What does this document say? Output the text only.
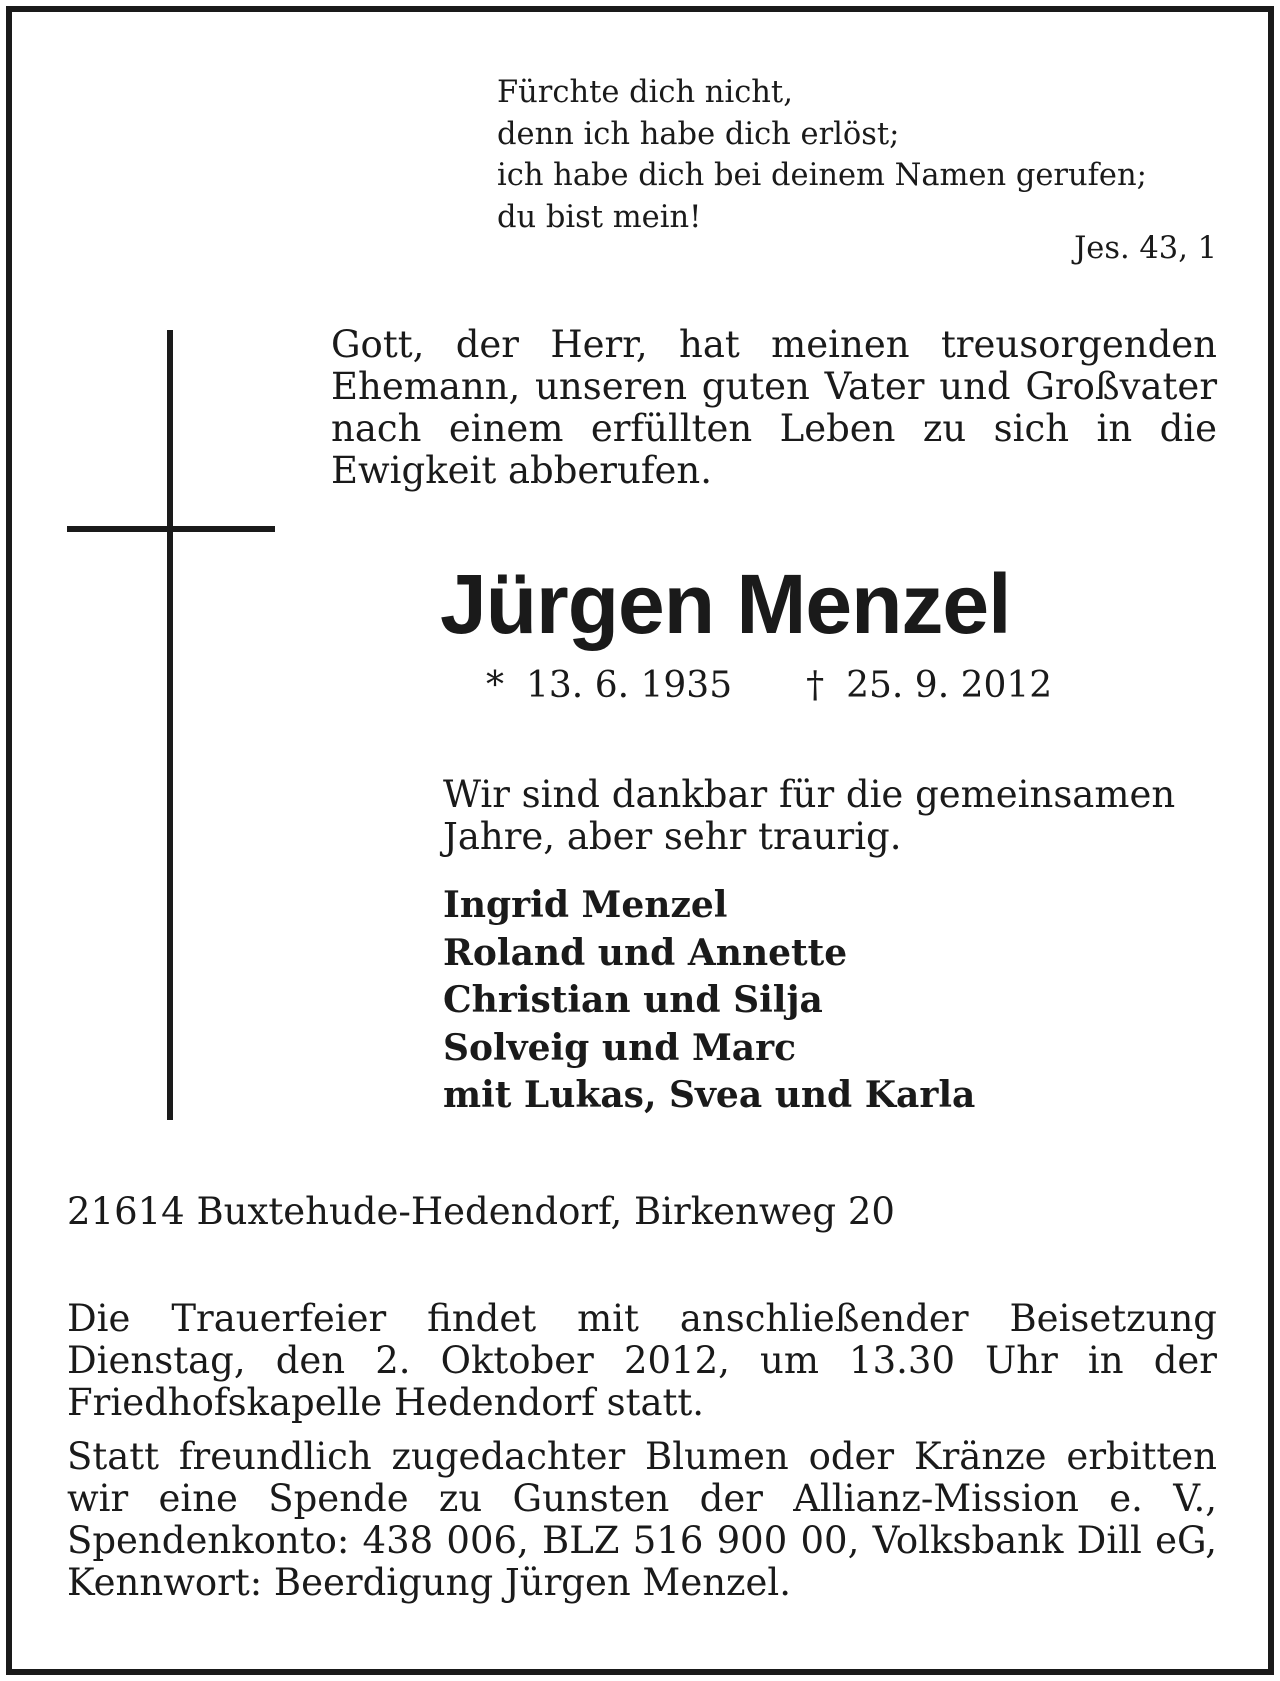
Fürchte dich nicht,
denn ich habe dich erlöst;
ich habe dich bei deinem Namen gerufen;
du bist mein!
Jes. 43, 1

Gott, der Herr, hat meinen treusorgenden Ehemann, unseren guten Vater und Großvater nach einem erfüllten Leben zu sich in die Ewigkeit abberufen.

Jürgen Menzel
* 13. 6. 1935 † 25. 9. 2012

Wir sind dankbar für die gemeinsamen Jahre, aber sehr traurig.

Ingrid Menzel
Roland und Annette
Christian und Silja
Solveig und Marc
mit Lukas, Svea und Karla
21614 Buxtehude-Hedendorf, Birkenweg 20

Die Trauerfeier findet mit anschließender Beisetzung Dienstag, den 2. Oktober 2012, um 13.30 Uhr in der Friedhofskapelle Hedendorf statt.

Statt freundlich zugedachter Blumen oder Kränze erbitten wir eine Spende zu Gunsten der Allianz-Mission e. V., Spendenkonto: 438 006, BLZ 516 900 00, Volksbank Dill eG, Kennwort: Beerdigung Jürgen Menzel.
